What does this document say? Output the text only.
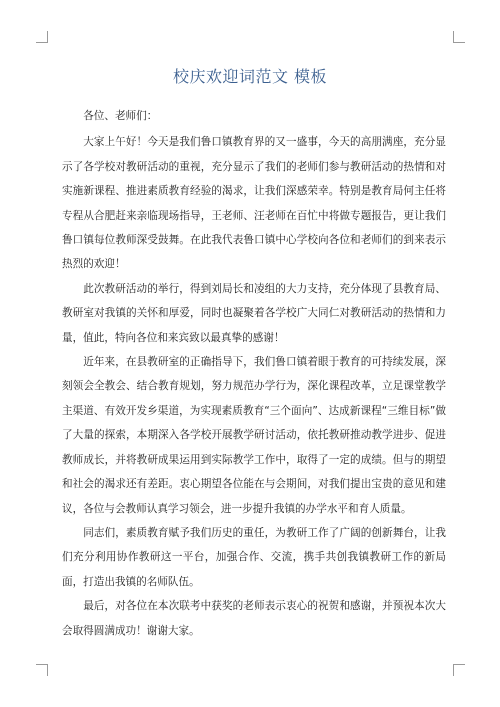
校庆欢迎词范文 模板

各位、老师们：

大家上午好！今天是我们鲁口镇教育界的又一盛事，今天的高朋满座，充分显示了各学校对教研活动的重视，充分显示了我们的老师们参与教研活动的热情和对实施新课程、推进素质教育经验的渴求，让我们深感荣幸。特别是教育局何主任将专程从合肥赶来亲临现场指导，王老师、汪老师在百忙中将做专题报告，更让我们鲁口镇每位教师深受鼓舞。在此我代表鲁口镇中心学校向各位和老师们的到来表示热烈的欢迎！

此次教研活动的举行，得到刘局长和凌组的大力支持，充分体现了县教育局、教研室对我镇的关怀和厚爱，同时也凝聚着各学校广大同仁对教研活动的热情和力量，值此，特向各位和来宾致以最真挚的感谢！

近年来，在县教研室的正确指导下，我们鲁口镇着眼于教育的可持续发展，深刻领会全教会、结合教育规划，努力规范办学行为，深化课程改革，立足课堂教学主渠道、有效开发乡渠道，为实现素质教育“三个面向”、达成新课程“三维目标”做了大量的探索，本期深入各学校开展教学研讨活动，依托教研推动教学进步、促进教师成长，并将教研成果运用到实际教学工作中，取得了一定的成绩。但与的期望和社会的渴求还有差距。衷心期望各位能在与会期间，对我们提出宝贵的意见和建议，各位与会教师认真学习领会，进一步提升我镇的办学水平和育人质量。

同志们，素质教育赋予我们历史的重任，为教研工作了广阔的创新舞台，让我们充分利用协作教研这一平台，加强合作、交流，携手共创我镇教研工作的新局面，打造出我镇的名师队伍。

最后，对各位在本次联考中获奖的老师表示衷心的祝贺和感谢，并预祝本次大会取得圆满成功！谢谢大家。
